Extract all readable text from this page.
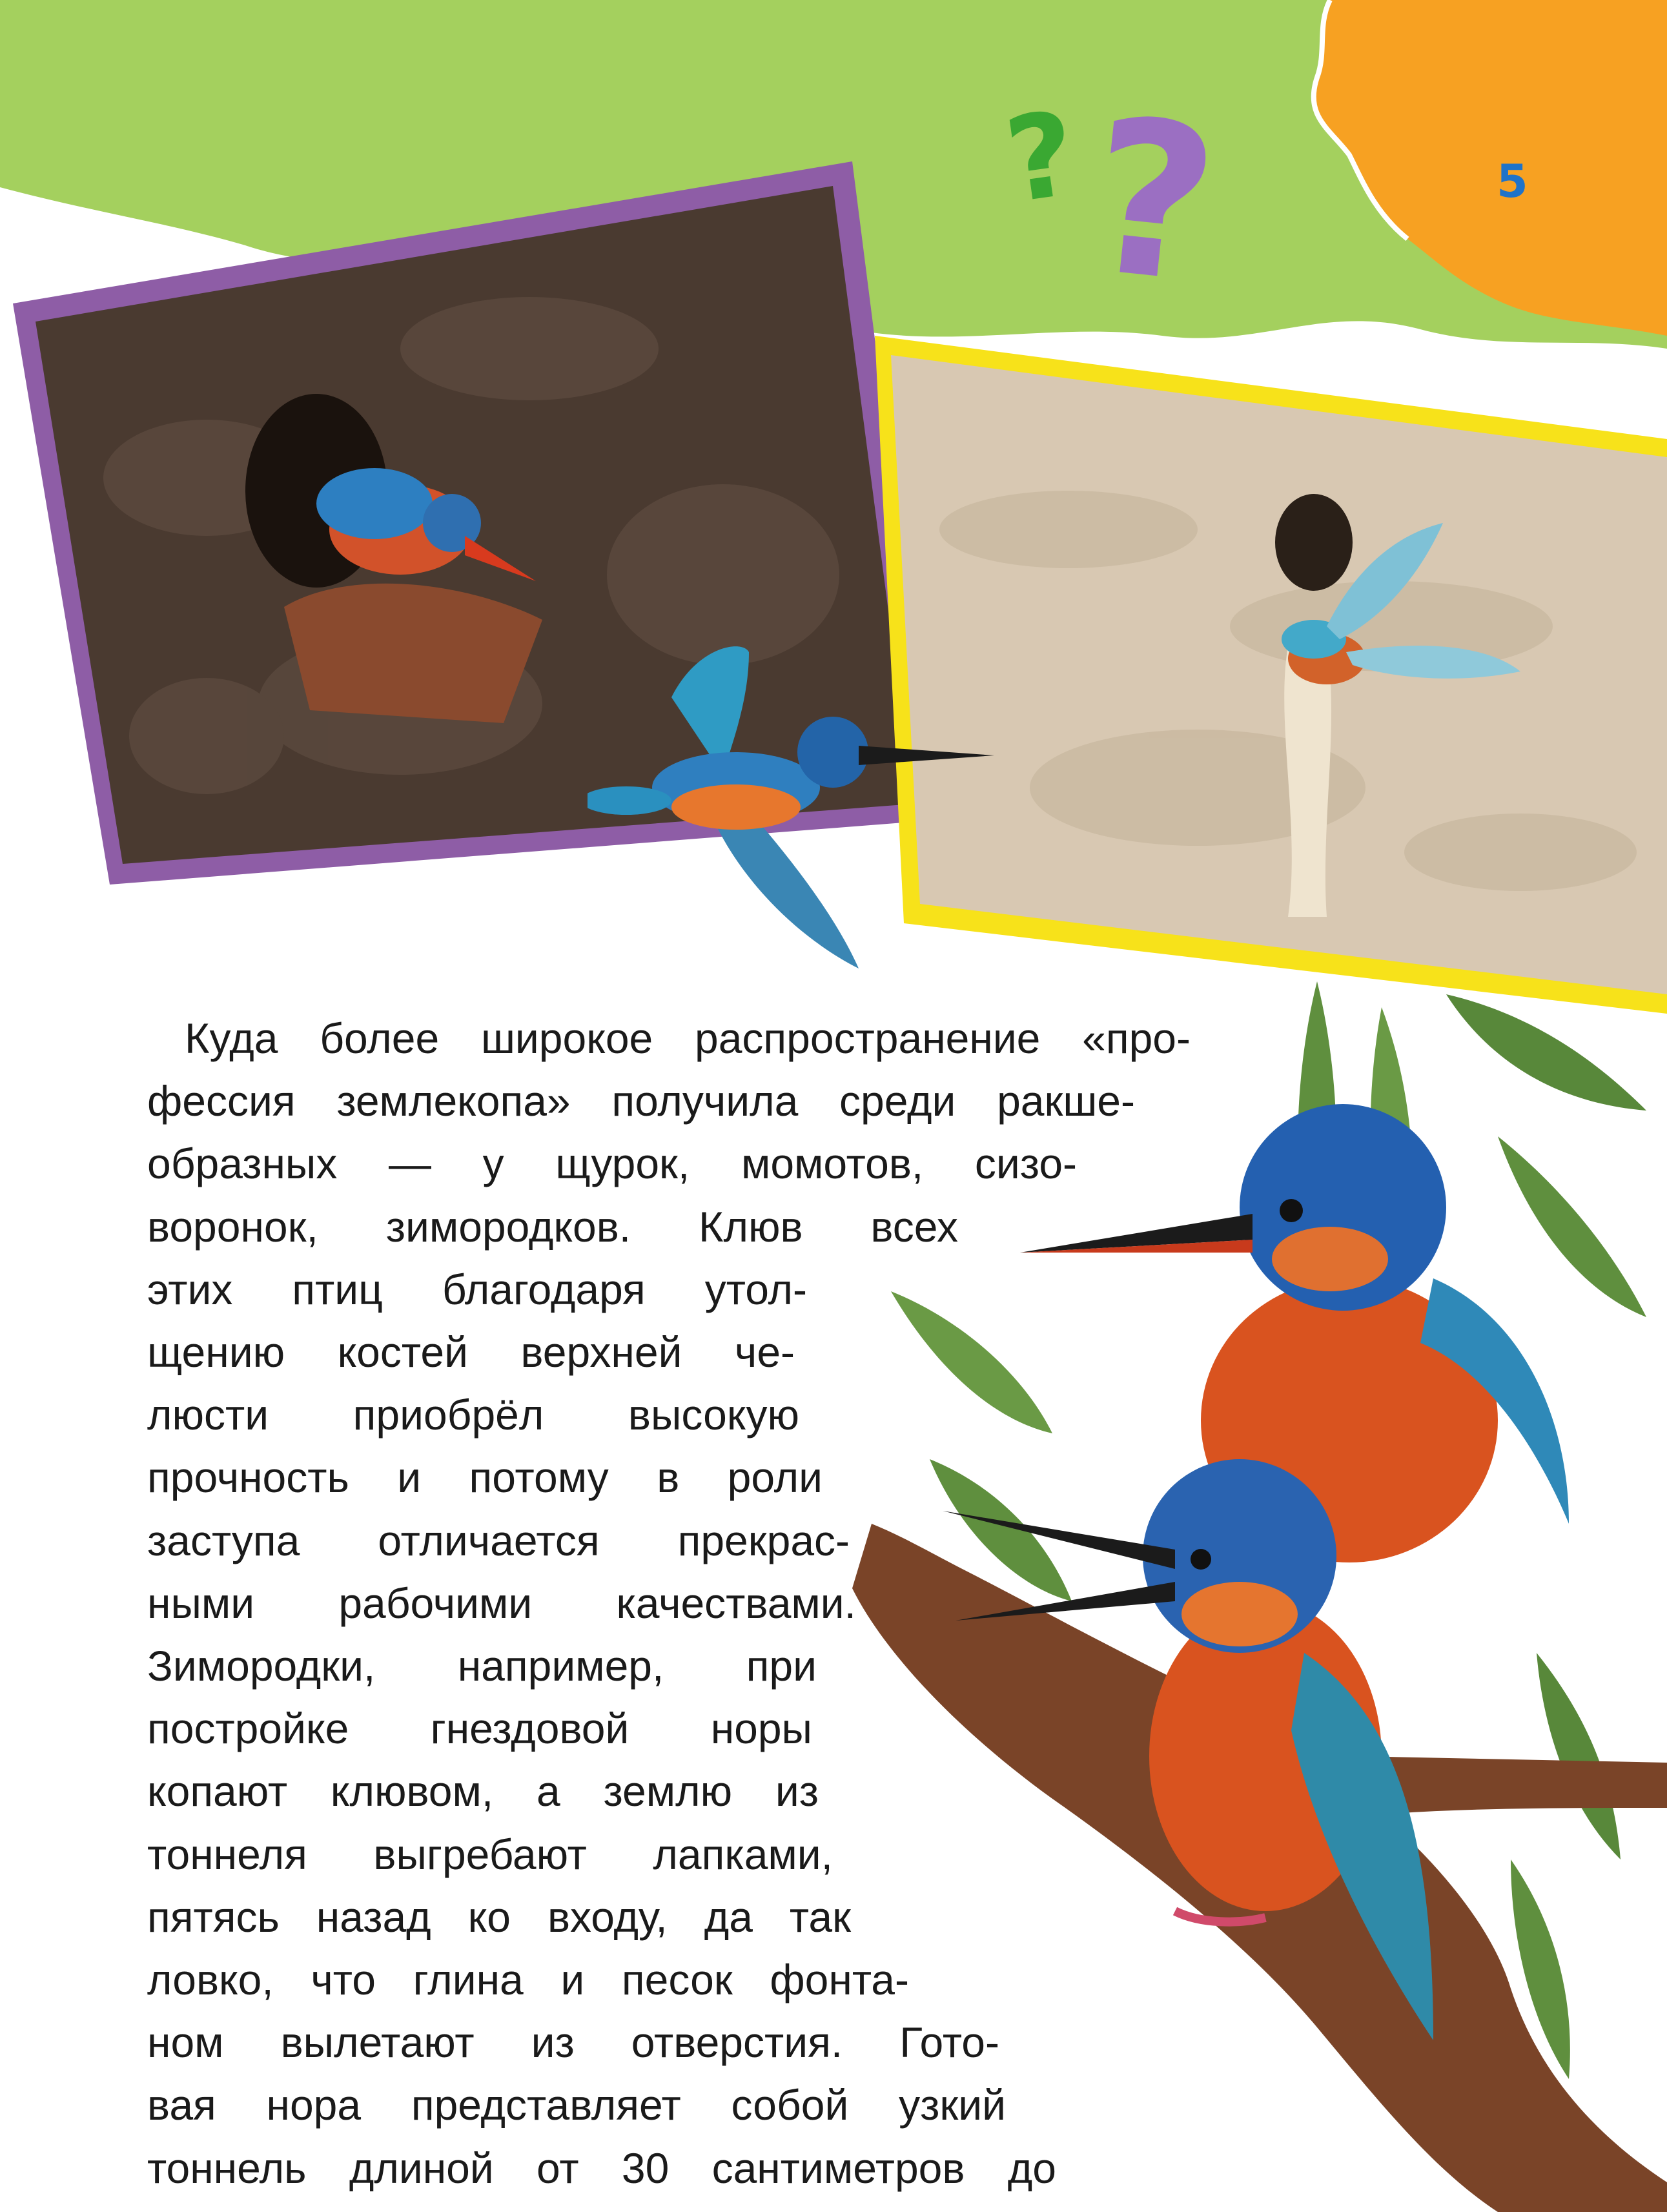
?
?	5
Куда более широкое распространение «про-
фессия землекопа» получила среди ракше-
образных — у щурок, момотов, сизо-
воронок, зимородков. Клюв всех
этих птиц благодаря утол-
щению костей верхней че-
люсти приобрёл высокую
прочность и потому в роли
заступа отличается прекрас-
ными рабочими качествами.
Зимородки, например, при
постройке гнездовой норы
копают клювом, а землю из
тоннеля выгребают лапками,
пятясь назад ко входу, да так
ловко, что глина и песок фонта-
ном вылетают из отверстия. Гото-
вая нора представляет собой узкий
тоннель длиной от 30 сантиметров до
